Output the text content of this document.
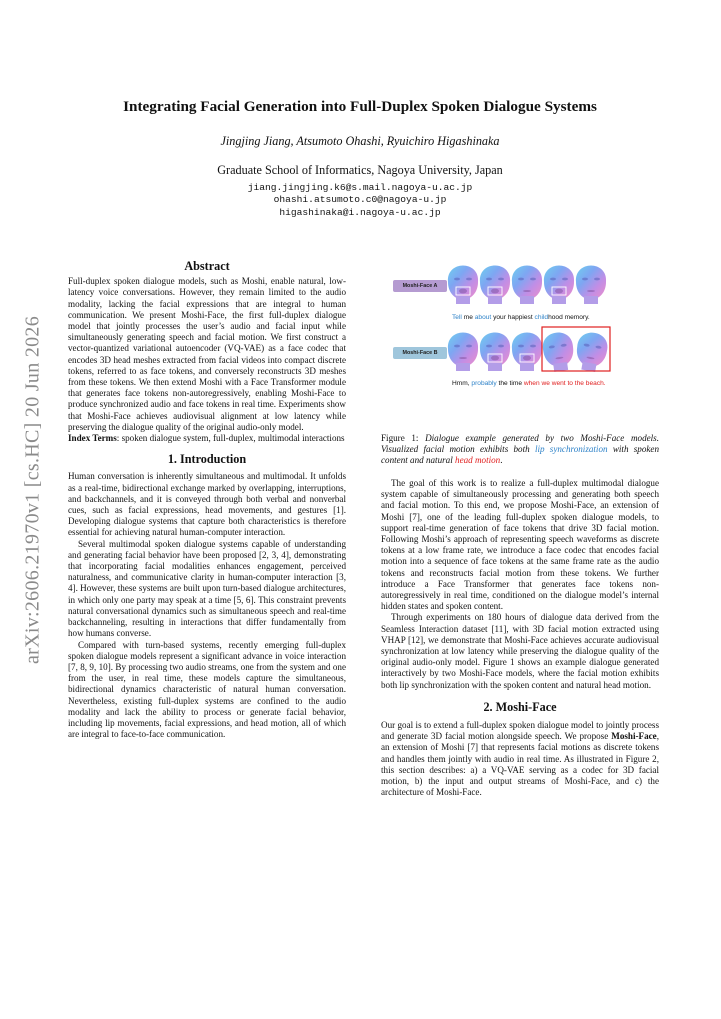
arXiv:2606.21970v1 [cs.HC] 20 Jun 2026
Integrating Facial Generation into Full-Duplex Spoken Dialogue Systems

Jingjing Jiang, Atsumoto Ohashi, Ryuichiro Higashinaka

Graduate School of Informatics, Nagoya University, Japan

jiang.jingjing.k6@s.mail.nagoya-u.ac.jp
ohashi.atsumoto.c0@nagoya-u.jp
higashinaka@i.nagoya-u.ac.jp

Abstract

Full-duplex spoken dialogue models, such as Moshi, enable natural, low-latency voice conversations. However, they remain limited to the audio modality, lacking the facial expressions that are integral to human communication. We present Moshi-Face, the first full-duplex dialogue model that jointly processes the user’s audio and facial input while simultaneously generating speech and facial motion. We first construct a vector-quantized variational autoencoder (VQ-VAE) as a face codec that encodes 3D head meshes extracted from facial videos into compact discrete tokens, referred to as face tokens, and conversely reconstructs 3D meshes from these tokens. We then extend Moshi with a Face Transformer module that generates face tokens non-autoregressively, enabling Moshi-Face to produce synchronized audio and face tokens in real time. Experiments show that Moshi-Face achieves audiovisual alignment at low latency while preserving the dialogue quality of the original audio-only model.

Index Terms: spoken dialogue system, full-duplex, multimodal interactions

1. Introduction

Human conversation is inherently simultaneous and multimodal. It unfolds as a real-time, bidirectional exchange marked by overlapping, interruptions, and backchannels, and it is conveyed through both verbal and nonverbal cues, such as facial expressions, head movements, and gestures [1]. Developing dialogue systems that capture both characteristics is therefore essential for achieving natural human-computer interaction.

Several multimodal spoken dialogue systems capable of understanding and generating facial behavior have been proposed [2, 3, 4], demonstrating that incorporating facial modalities enhances engagement, perceived naturalness, and communicative clarity in human-computer interaction [3, 4]. However, these systems are built upon turn-based dialogue architectures, in which only one party may speak at a time [5, 6]. This constraint prevents natural conversational dynamics such as simultaneous speech and real-time backchanneling, resulting in interactions that differ fundamentally from how humans converse.

Compared with turn-based systems, recently emerging full-duplex spoken dialogue models represent a significant advance in voice interaction [7, 8, 9, 10]. By processing two audio streams, one from the system and one from the user, in real time, these models capture the simultaneous, bidirectional dynamics characteristic of natural human conversation. Nevertheless, existing full-duplex systems are confined to the audio modality and lack the ability to process or generate facial behavior, including lip movements, facial expressions, and head motion, all of which are integral to face-to-face communication.

Moshi-Face A
Moshi-Face B
Tell me about your happiest childhood memory.
Hmm, probably the time when we went to the beach.
Figure 1: Dialogue example generated by two Moshi-Face models. Visualized facial motion exhibits both lip synchronization with spoken content and natural head motion.

The goal of this work is to realize a full-duplex multimodal dialogue system capable of simultaneously processing and generating both speech and facial motion. To this end, we propose Moshi-Face, an extension of Moshi [7], one of the leading full-duplex spoken dialogue models, to support real-time generation of face tokens that drive 3D facial motion. Following Moshi’s approach of representing speech waveforms as discrete tokens at a low frame rate, we introduce a face codec that encodes facial motion into a sequence of face tokens at the same frame rate as the audio tokens and reconstructs facial motion from these tokens. We further introduce a Face Transformer that generates face tokens non-autoregressively in real time, conditioned on the dialogue model’s internal hidden states and spoken content.

Through experiments on 180 hours of dialogue data derived from the Seamless Interaction dataset [11], with 3D facial motion extracted using VHAP [12], we demonstrate that Moshi-Face achieves accurate audiovisual synchronization at low latency while preserving the dialogue quality of the original audio-only model. Figure 1 shows an example dialogue generated interactively by two Moshi-Face models, where the facial motion exhibits both lip synchronization with the spoken content and natural head motion.

2. Moshi-Face

Our goal is to extend a full-duplex spoken dialogue model to jointly process and generate 3D facial motion alongside speech. We propose Moshi-Face, an extension of Moshi [7] that represents facial motions as discrete tokens and handles them jointly with audio in real time. As illustrated in Figure 2, this section describes: a) a VQ-VAE serving as a codec for 3D facial motion, b) the input and output streams of Moshi-Face, and c) the architecture of Moshi-Face.
